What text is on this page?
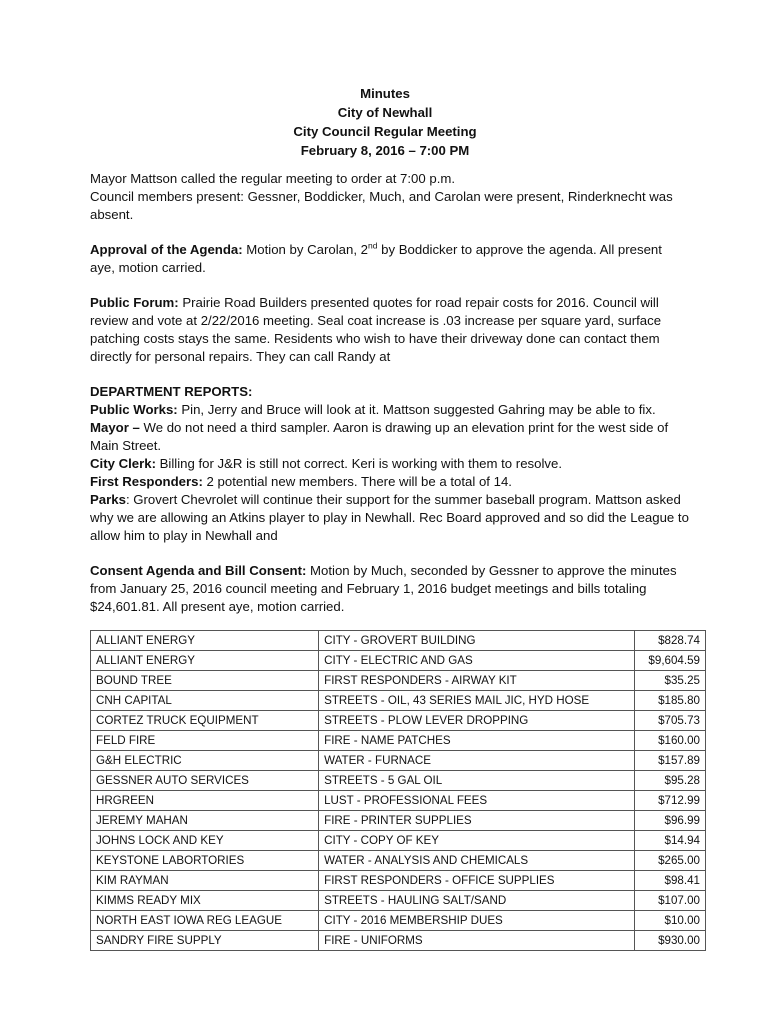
Minutes
City of Newhall
City Council Regular Meeting
February 8, 2016 – 7:00 PM

Mayor Mattson called the regular meeting to order at 7:00 p.m.
Council members present: Gessner, Boddicker, Much, and Carolan were present, Rinderknecht was absent.

Approval of the Agenda: Motion by Carolan, 2nd by Boddicker to approve the agenda. All present aye, motion carried.

Public Forum: Prairie Road Builders presented quotes for road repair costs for 2016. Council will review and vote at 2/22/2016 meeting. Seal coat increase is .03 increase per square yard, surface patching costs stays the same. Residents who wish to have their driveway done can contact them directly for personal repairs. They can call Randy at

DEPARTMENT REPORTS:

Public Works: Pin, Jerry and Bruce will look at it. Mattson suggested Gahring may be able to fix.

Mayor – We do not need a third sampler. Aaron is drawing up an elevation print for the west side of Main Street.

City Clerk: Billing for J&R is still not correct. Keri is working with them to resolve.

First Responders: 2 potential new members. There will be a total of 14.

Parks: Grovert Chevrolet will continue their support for the summer baseball program. Mattson asked why we are allowing an Atkins player to play in Newhall. Rec Board approved and so did the League to allow him to play in Newhall and

Consent Agenda and Bill Consent: Motion by Much, seconded by Gessner to approve the minutes from January 25, 2016 council meeting and February 1, 2016 budget meetings and bills totaling $24,601.81. All present aye, motion carried.

ALLIANT ENERGY	CITY - GROVERT BUILDING	$828.74
ALLIANT ENERGY	CITY - ELECTRIC AND GAS	$9,604.59
BOUND TREE	FIRST RESPONDERS - AIRWAY KIT	$35.25
CNH CAPITAL	STREETS - OIL, 43 SERIES MAIL JIC, HYD HOSE	$185.80
CORTEZ TRUCK EQUIPMENT	STREETS - PLOW LEVER DROPPING	$705.73
FELD FIRE	FIRE - NAME PATCHES	$160.00
G&H ELECTRIC	WATER - FURNACE	$157.89
GESSNER AUTO SERVICES	STREETS - 5 GAL OIL	$95.28
HRGREEN	LUST - PROFESSIONAL FEES	$712.99
JEREMY MAHAN	FIRE - PRINTER SUPPLIES	$96.99
JOHNS LOCK AND KEY	CITY - COPY OF KEY	$14.94
KEYSTONE LABORTORIES	WATER - ANALYSIS AND CHEMICALS	$265.00
KIM RAYMAN	FIRST RESPONDERS - OFFICE SUPPLIES	$98.41
KIMMS READY MIX	STREETS - HAULING SALT/SAND	$107.00
NORTH EAST IOWA REG LEAGUE	CITY - 2016 MEMBERSHIP DUES	$10.00
SANDRY FIRE SUPPLY	FIRE - UNIFORMS	$930.00
